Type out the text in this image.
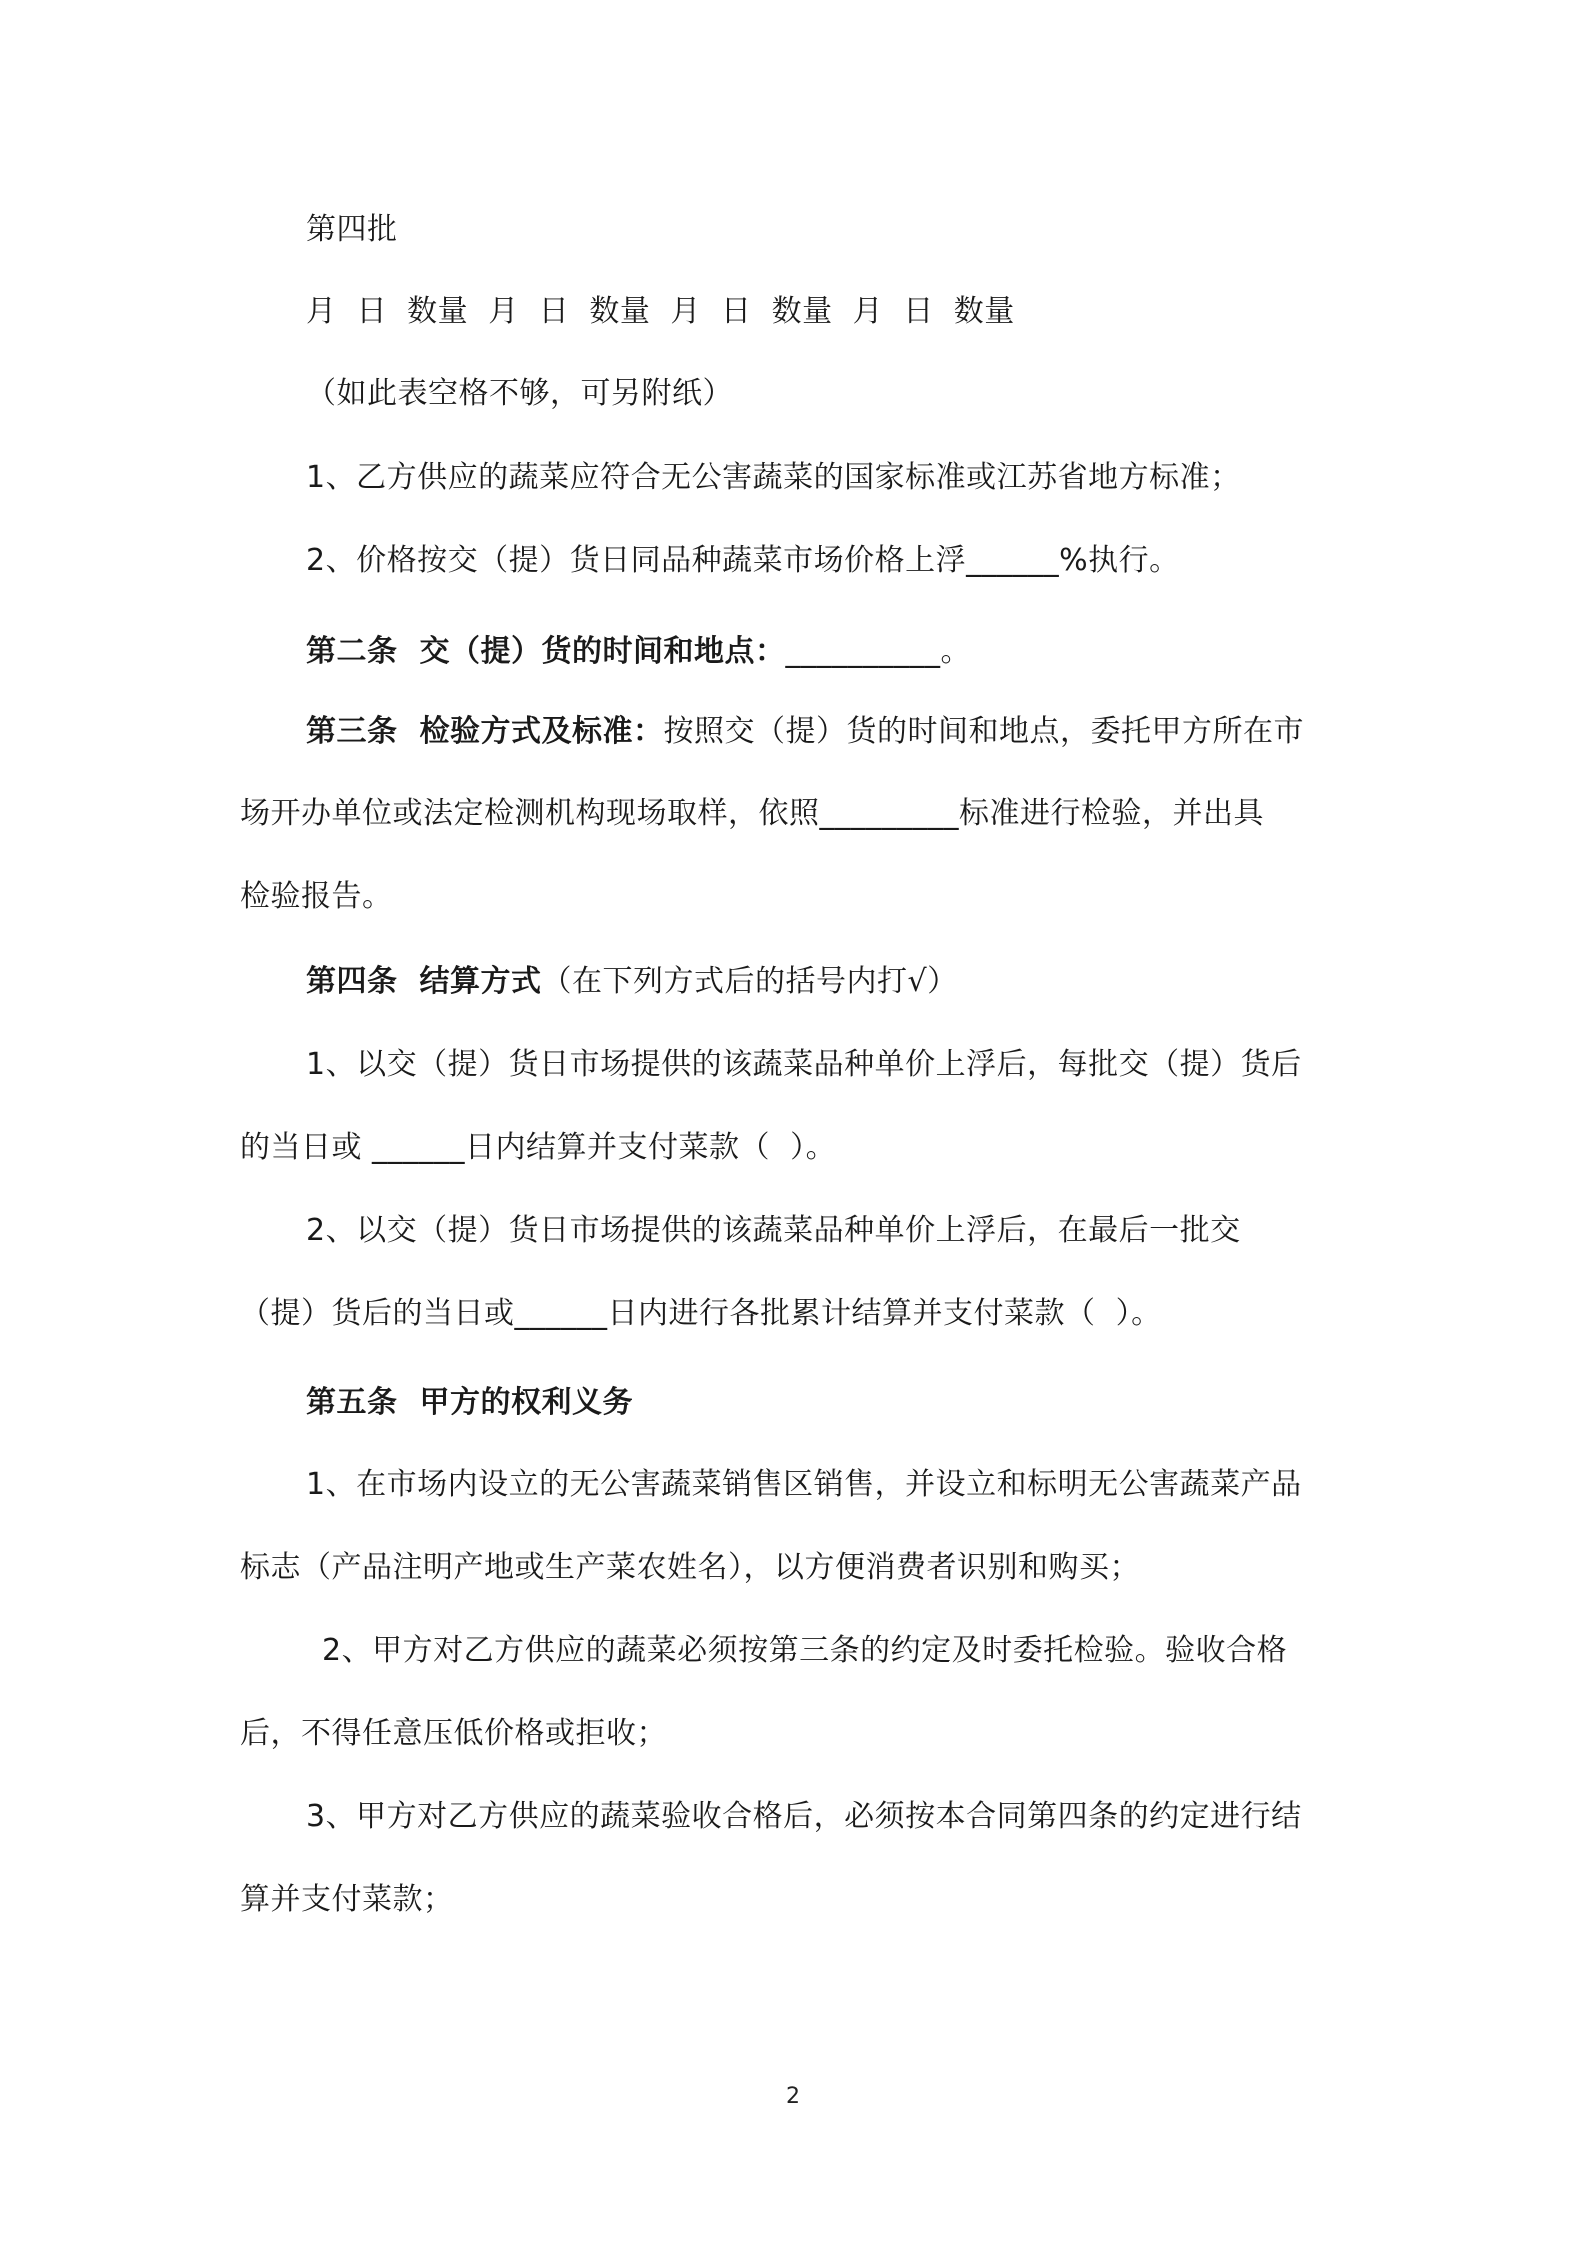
第四批
月  日  数量  月  日  数量  月  日  数量  月  日  数量
（如此表空格不够，可另附纸）
1、乙方供应的蔬菜应符合无公害蔬菜的国家标准或江苏省地方标准；
2、价格按交（提）货日同品种蔬菜市场价格上浮______%执行。
第二条 交（提）货的时间和地点：__________。
第三条 检验方式及标准：按照交（提）货的时间和地点，委托甲方所在市
场开办单位或法定检测机构现场取样，依照_________标准进行检验，并出具
检验报告。
第四条 结算方式（在下列方式后的括号内打√）
1、以交（提）货日市场提供的该蔬菜品种单价上浮后，每批交（提）货后
的当日或 ______日内结算并支付菜款（  ）。
2、以交（提）货日市场提供的该蔬菜品种单价上浮后，在最后一批交
（提）货后的当日或______日内进行各批累计结算并支付菜款（  ）。
第五条 甲方的权利义务
1、在市场内设立的无公害蔬菜销售区销售，并设立和标明无公害蔬菜产品
标志（产品注明产地或生产菜农姓名），以方便消费者识别和购买；
2、甲方对乙方供应的蔬菜必须按第三条的约定及时委托检验。验收合格
后，不得任意压低价格或拒收；
3、甲方对乙方供应的蔬菜验收合格后，必须按本合同第四条的约定进行结
算并支付菜款；
2
